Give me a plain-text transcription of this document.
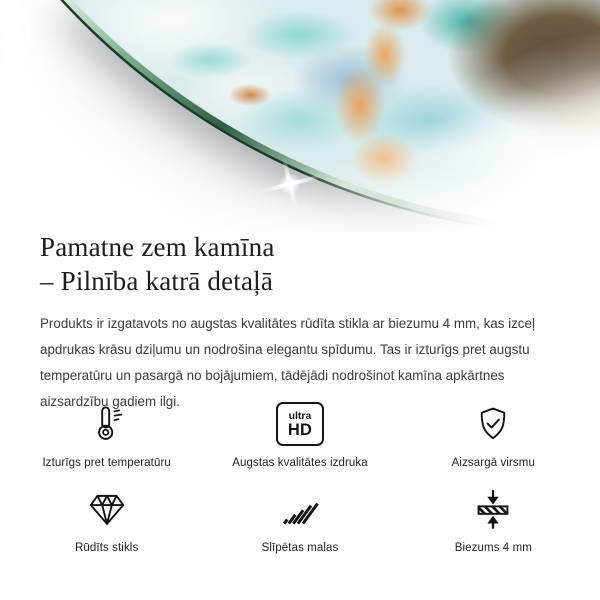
Pamatne zem kamīna
– Pilnība katrā detaļā

Produkts ir izgatavots no augstas kvalitātes rūdīta stikla ar biezumu 4 mm, kas izceļ apdrukas krāsu dziļumu un nodrošina elegantu spīdumu. Tas ir izturīgs pret augstu temperatūru un pasargā no bojājumiem, tādējādi nodrošinot kamīna apkārtnes aizsardzību gadiem ilgi.

Izturīgs pret temperatūru
ultra
HD
Augstas kvalitātes izdruka	Aizsargā virsmu
Rūdīts stikls	Slīpētas malas	Biezums 4 mm
